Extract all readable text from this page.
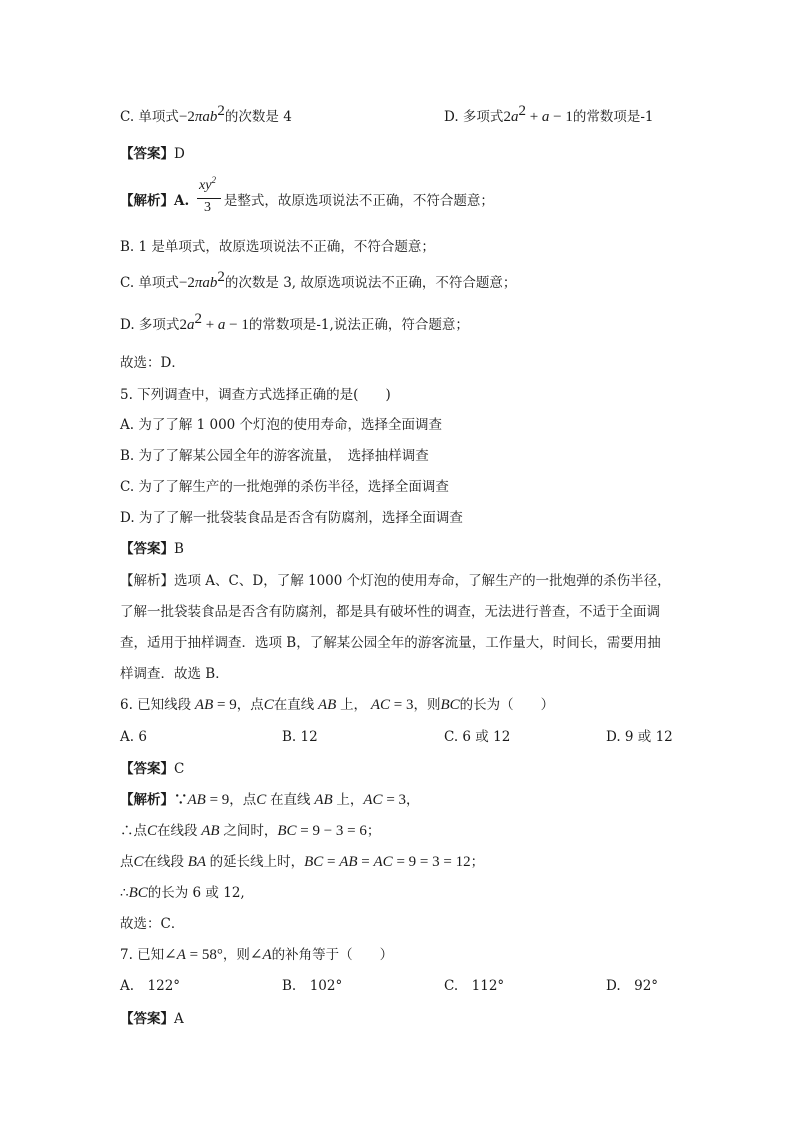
C. 单项式−2πab$^2$的次数是 4	D. 多项式$2a^2 + a - 1$的常数项是-1
【答案】D
【解析】A. 是整式，故原选项说法不正确，不符合题意；
$xy^2$
3
B. 1 是单项式，故原选项说法不正确，不符合题意；
C. 单项式−2πab$^2$的次数是 3, 故原选项说法不正确，不符合题意；
D. 多项式$2a^2 + a - 1$的常数项是-1,说法正确，符合题意；
故选：D．
5. 下列调查中，调查方式选择正确的是(　　)
A. 为了了解 1 000 个灯泡的使用寿命，选择全面调查
B. 为了了解某公园全年的游客流量，　选择抽样调查
C. 为了了解生产的一批炮弹的杀伤半径，选择全面调查
D. 为了了解一批袋装食品是否含有防腐剂，选择全面调查
【答案】B
【解析】选项 A、C、D，了解 1000 个灯泡的使用寿命，了解生产的一批炮弹的杀伤半径，
了解一批袋装食品是否含有防腐剂，都是具有破坏性的调查，无法进行普查，不适于全面调
查，适用于抽样调查．选项 B，了解某公园全年的游客流量，工作量大，时间长，需要用抽
样调查．故选 B．
6. 已知线段 AB = 9，点C在直线 AB 上， AC = 3，则BC的长为（　　）
A. 6	B. 12	C. 6 或 12	D. 9 或 12
【答案】C
【解析】∵AB = 9，点C 在直线 AB 上，AC = 3，
∴点C在线段 AB 之间时，BC = 9 − 3 = 6；
点C在线段 BA 的延长线上时，BC = AB = AC = 9 = 3 = 12；
∴BC的长为 6 或 12,
故选：C．
7. 已知∠A = 58°，则∠A的补角等于（　　）
A.　122°	B.　102°	C.　112°	D.　92°
【答案】A
